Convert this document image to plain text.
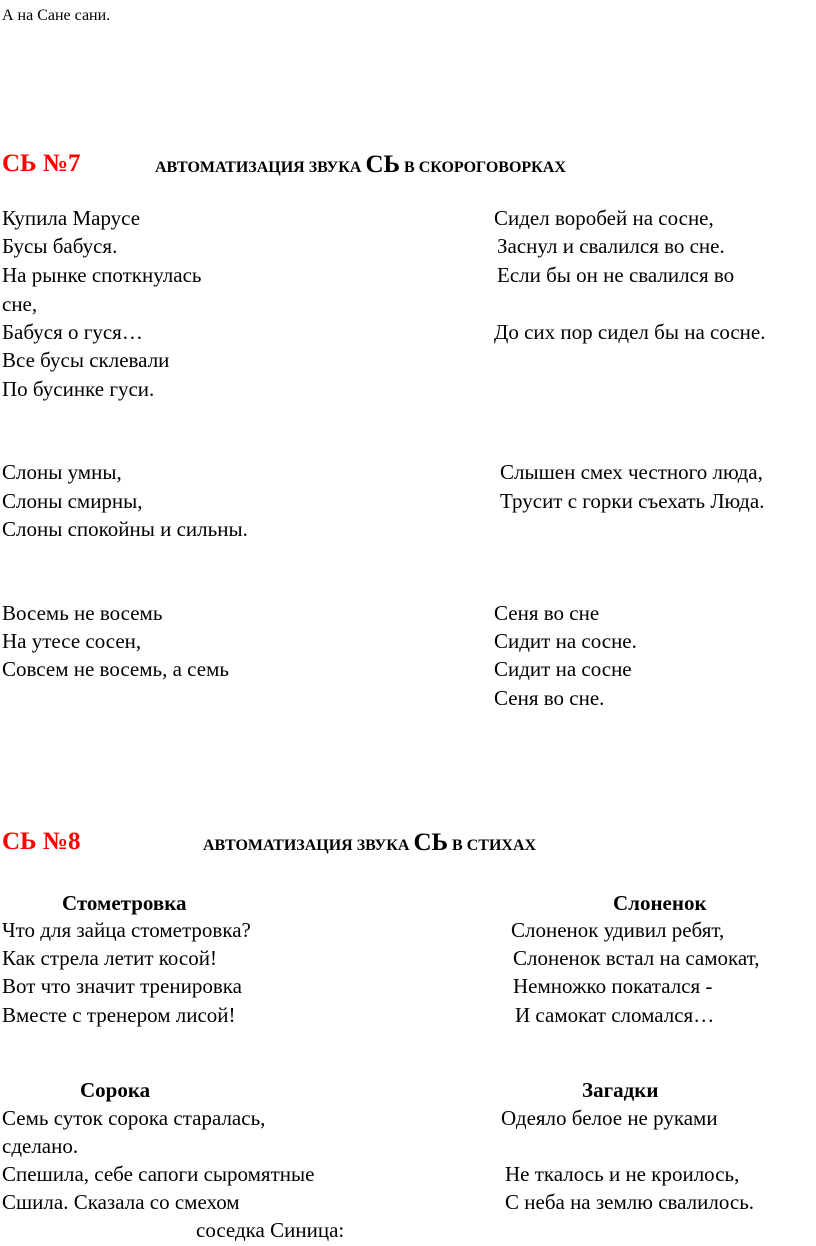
А на Сане сани.
СЬ №7	АВТОМАТИЗАЦИЯ ЗВУКА СЬ В СКОРОГОВОРКАХ
Купила Марусе
Бусы бабуся.
На рынке споткнулась
сне,
Бабуся о гуся…
Все бусы склевали
По бусинке гуси.
Слоны умны,
Слоны смирны,
Слоны спокойны и сильны.
Восемь не восемь
На утесе сосен,
Совсем не восемь, а семь
Сидел воробей на сосне,
Заснул и свалился во сне.
Если бы он не свалился во
До сих пор сидел бы на сосне.
Слышен смех честного люда,
Трусит с горки съехать Люда.
Сеня во сне
Сидит на сосне.
Сидит на сосне
Сеня во сне.
СЬ №8	АВТОМАТИЗАЦИЯ ЗВУКА СЬ В СТИХАХ
Стометровка	Слоненок
Сорока	Загадки
Что для зайца стометровка?
Как стрела летит косой!
Вот что значит тренировка
Вместе с тренером лисой!
Семь суток сорока старалась,
сделано.
Спешила, себе сапоги сыромятные
Сшила. Сказала со смехом
соседка Синица:
Слоненок удивил ребят,
Слоненок встал на самокат,
Немножко покатался -
И самокат сломался…
Одеяло белое не руками
Не ткалось и не кроилось,
С неба на землю свалилось.
